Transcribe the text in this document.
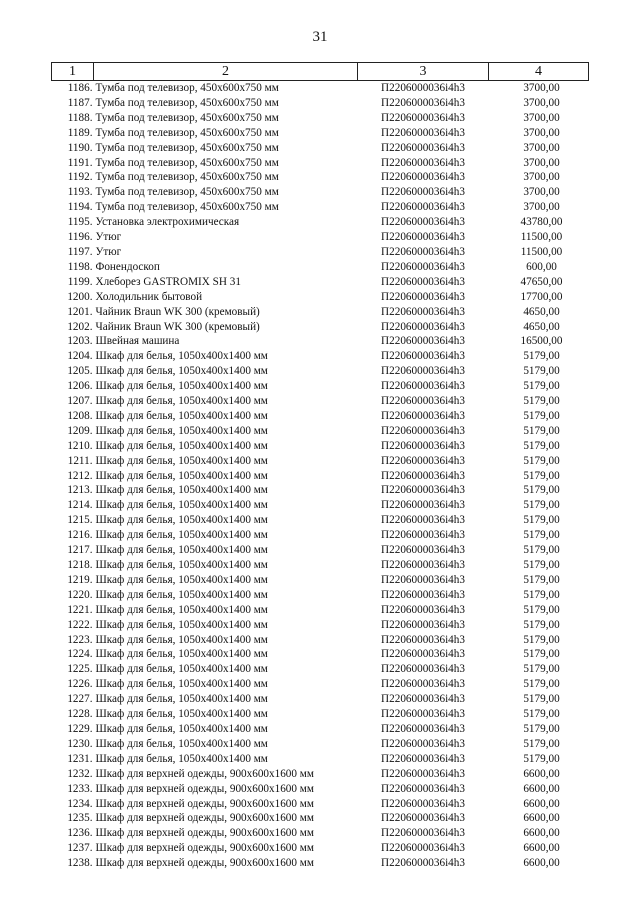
31
1	2	3	4
1186.	Тумба под телевизор, 450x600x750 мм	П2206000036i4h3	3700,00
1187.	Тумба под телевизор, 450x600x750 мм	П2206000036i4h3	3700,00
1188.	Тумба под телевизор, 450x600x750 мм	П2206000036i4h3	3700,00
1189.	Тумба под телевизор, 450x600x750 мм	П2206000036i4h3	3700,00
1190.	Тумба под телевизор, 450x600x750 мм	П2206000036i4h3	3700,00
1191.	Тумба под телевизор, 450x600x750 мм	П2206000036i4h3	3700,00
1192.	Тумба под телевизор, 450x600x750 мм	П2206000036i4h3	3700,00
1193.	Тумба под телевизор, 450x600x750 мм	П2206000036i4h3	3700,00
1194.	Тумба под телевизор, 450x600x750 мм	П2206000036i4h3	3700,00
1195.	Установка электрохимическая	П2206000036i4h3	43780,00
1196.	Утюг	П2206000036i4h3	11500,00
1197.	Утюг	П2206000036i4h3	11500,00
1198.	Фонендоскоп	П2206000036i4h3	600,00
1199.	Хлеборез GASTROMIX SH 31	П2206000036i4h3	47650,00
1200.	Холодильник бытовой	П2206000036i4h3	17700,00
1201.	Чайник Braun WK 300 (кремовый)	П2206000036i4h3	4650,00
1202.	Чайник Braun WK 300 (кремовый)	П2206000036i4h3	4650,00
1203.	Швейная машина	П2206000036i4h3	16500,00
1204.	Шкаф для белья, 1050x400x1400 мм	П2206000036i4h3	5179,00
1205.	Шкаф для белья, 1050x400x1400 мм	П2206000036i4h3	5179,00
1206.	Шкаф для белья, 1050x400x1400 мм	П2206000036i4h3	5179,00
1207.	Шкаф для белья, 1050x400x1400 мм	П2206000036i4h3	5179,00
1208.	Шкаф для белья, 1050x400x1400 мм	П2206000036i4h3	5179,00
1209.	Шкаф для белья, 1050x400x1400 мм	П2206000036i4h3	5179,00
1210.	Шкаф для белья, 1050x400x1400 мм	П2206000036i4h3	5179,00
1211.	Шкаф для белья, 1050x400x1400 мм	П2206000036i4h3	5179,00
1212.	Шкаф для белья, 1050x400x1400 мм	П2206000036i4h3	5179,00
1213.	Шкаф для белья, 1050x400x1400 мм	П2206000036i4h3	5179,00
1214.	Шкаф для белья, 1050x400x1400 мм	П2206000036i4h3	5179,00
1215.	Шкаф для белья, 1050x400x1400 мм	П2206000036i4h3	5179,00
1216.	Шкаф для белья, 1050x400x1400 мм	П2206000036i4h3	5179,00
1217.	Шкаф для белья, 1050x400x1400 мм	П2206000036i4h3	5179,00
1218.	Шкаф для белья, 1050x400x1400 мм	П2206000036i4h3	5179,00
1219.	Шкаф для белья, 1050x400x1400 мм	П2206000036i4h3	5179,00
1220.	Шкаф для белья, 1050x400x1400 мм	П2206000036i4h3	5179,00
1221.	Шкаф для белья, 1050x400x1400 мм	П2206000036i4h3	5179,00
1222.	Шкаф для белья, 1050x400x1400 мм	П2206000036i4h3	5179,00
1223.	Шкаф для белья, 1050x400x1400 мм	П2206000036i4h3	5179,00
1224.	Шкаф для белья, 1050x400x1400 мм	П2206000036i4h3	5179,00
1225.	Шкаф для белья, 1050x400x1400 мм	П2206000036i4h3	5179,00
1226.	Шкаф для белья, 1050x400x1400 мм	П2206000036i4h3	5179,00
1227.	Шкаф для белья, 1050x400x1400 мм	П2206000036i4h3	5179,00
1228.	Шкаф для белья, 1050x400x1400 мм	П2206000036i4h3	5179,00
1229.	Шкаф для белья, 1050x400x1400 мм	П2206000036i4h3	5179,00
1230.	Шкаф для белья, 1050x400x1400 мм	П2206000036i4h3	5179,00
1231.	Шкаф для белья, 1050x400x1400 мм	П2206000036i4h3	5179,00
1232.	Шкаф для верхней одежды, 900x600x1600 мм	П2206000036i4h3	6600,00
1233.	Шкаф для верхней одежды, 900x600x1600 мм	П2206000036i4h3	6600,00
1234.	Шкаф для верхней одежды, 900x600x1600 мм	П2206000036i4h3	6600,00
1235.	Шкаф для верхней одежды, 900x600x1600 мм	П2206000036i4h3	6600,00
1236.	Шкаф для верхней одежды, 900x600x1600 мм	П2206000036i4h3	6600,00
1237.	Шкаф для верхней одежды, 900x600x1600 мм	П2206000036i4h3	6600,00
1238.	Шкаф для верхней одежды, 900x600x1600 мм	П2206000036i4h3	6600,00
